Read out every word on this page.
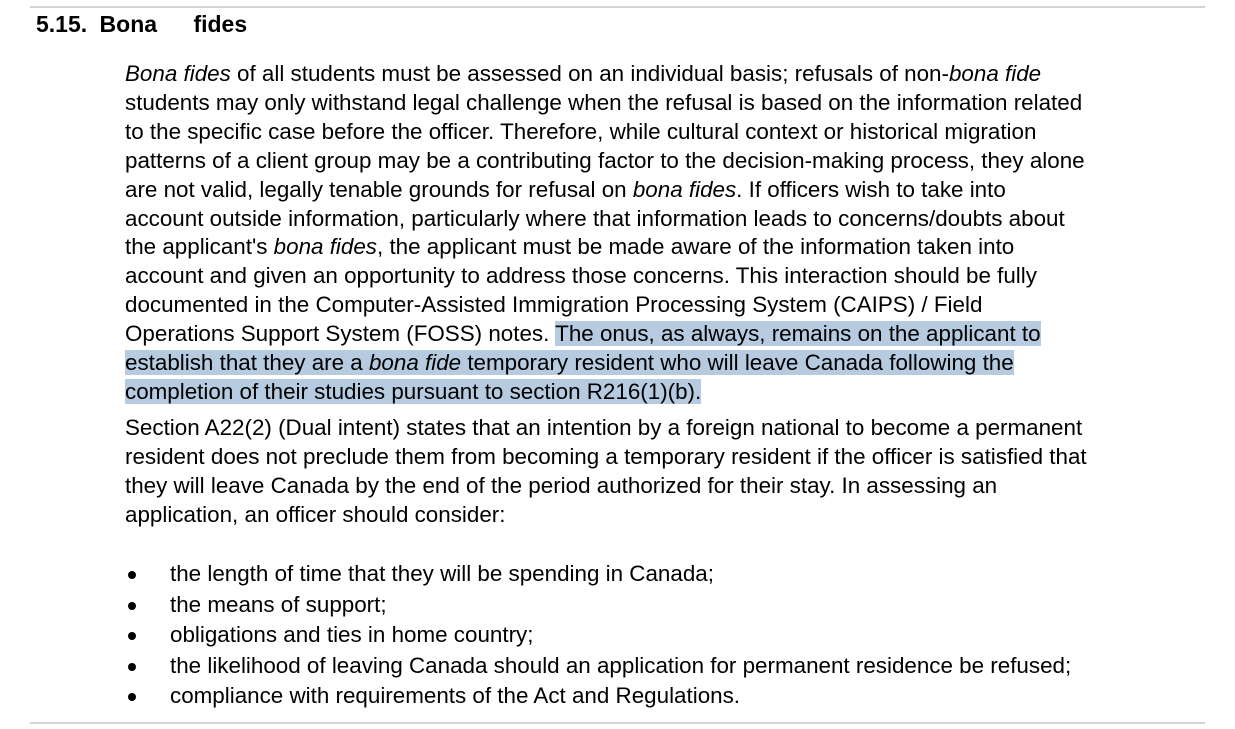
5.15. Bona fides

Bona fides of all students must be assessed on an individual basis; refusals of non-bona fide
students may only withstand legal challenge when the refusal is based on the information related
to the specific case before the officer. Therefore, while cultural context or historical migration
patterns of a client group may be a contributing factor to the decision-making process, they alone
are not valid, legally tenable grounds for refusal on bona fides. If officers wish to take into
account outside information, particularly where that information leads to concerns/doubts about
the applicant's bona fides, the applicant must be made aware of the information taken into
account and given an opportunity to address those concerns. This interaction should be fully
documented in the Computer-Assisted Immigration Processing System (CAIPS) / Field
Operations Support System (FOSS) notes. The onus, as always, remains on the applicant to
establish that they are a bona fide temporary resident who will leave Canada following the
completion of their studies pursuant to section R216(1)(b).

Section A22(2) (Dual intent) states that an intention by a foreign national to become a permanent
resident does not preclude them from becoming a temporary resident if the officer is satisfied that
they will leave Canada by the end of the period authorized for their stay. In assessing an
application, an officer should consider:

the length of time that they will be spending in Canada;
the means of support;
obligations and ties in home country;
the likelihood of leaving Canada should an application for permanent residence be refused;
compliance with requirements of the Act and Regulations.
